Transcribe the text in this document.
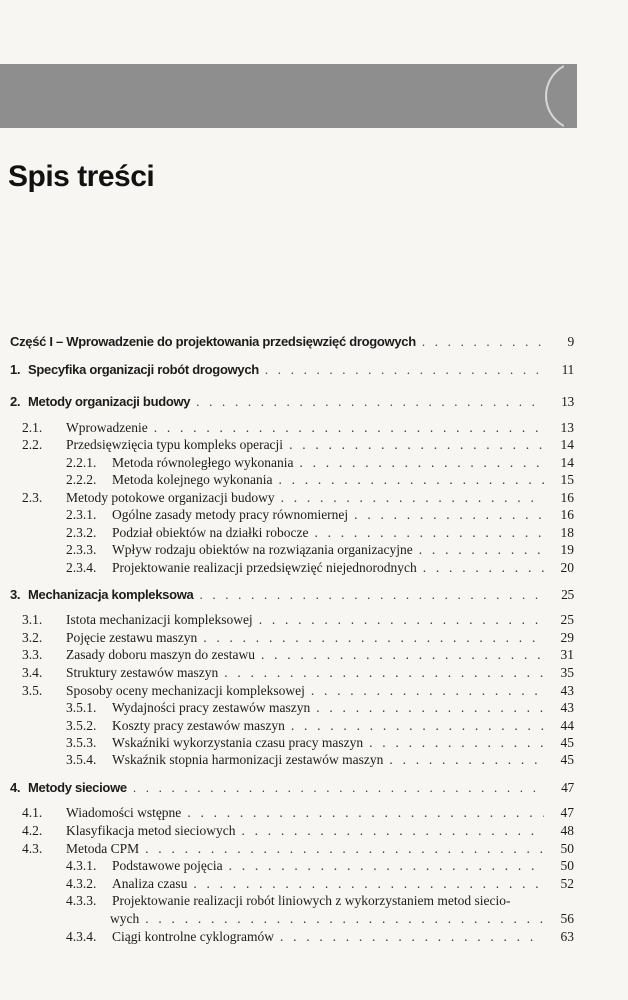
Spis treści
Część I – Wprowadzenie do projektowania przedsięwzięć drogowych . . .	9
1. Specyfika organizacji robót drogowych . . .	11
2. Metody organizacji budowy . . .	13
2.1.	Wprowadzenie . . .	13
2.2.	Przedsięwzięcia typu kompleks operacji . . .	14
2.2.1.	Metoda równoległego wykonania . . .	14
2.2.2.	Metoda kolejnego wykonania . . .	15
2.3.	Metody potokowe organizacji budowy . . .	16
2.3.1.	Ogólne zasady metody pracy równomiernej . . .	16
2.3.2.	Podział obiektów na działki robocze . . .	18
2.3.3.	Wpływ rodzaju obiektów na rozwiązania organizacyjne . . .	19
2.3.4.	Projektowanie realizacji przedsięwzięć niejednorodnych . . .	20
3. Mechanizacja kompleksowa . . .	25
3.1.	Istota mechanizacji kompleksowej . . .	25
3.2.	Pojęcie zestawu maszyn . . .	29
3.3.	Zasady doboru maszyn do zestawu . . .	31
3.4.	Struktury zestawów maszyn . . .	35
3.5.	Sposoby oceny mechanizacji kompleksowej . . .	43
3.5.1.	Wydajności pracy zestawów maszyn . . .	43
3.5.2.	Koszty pracy zestawów maszyn . . .	44
3.5.3.	Wskaźniki wykorzystania czasu pracy maszyn . . .	45
3.5.4.	Wskaźnik stopnia harmonizacji zestawów maszyn . . .	45
4. Metody sieciowe . . .	47
4.1.	Wiadomości wstępne . . .	47
4.2.	Klasyfikacja metod sieciowych . . .	48
4.3.	Metoda CPM . . .	50
4.3.1.	Podstawowe pojęcia . . .	50
4.3.2.	Analiza czasu . . .	52
4.3.3.	Projektowanie realizacji robót liniowych z wykorzystaniem metod siecio-
wych . . .	56
4.3.4.	Ciągi kontrolne cyklogramów . . .	63
